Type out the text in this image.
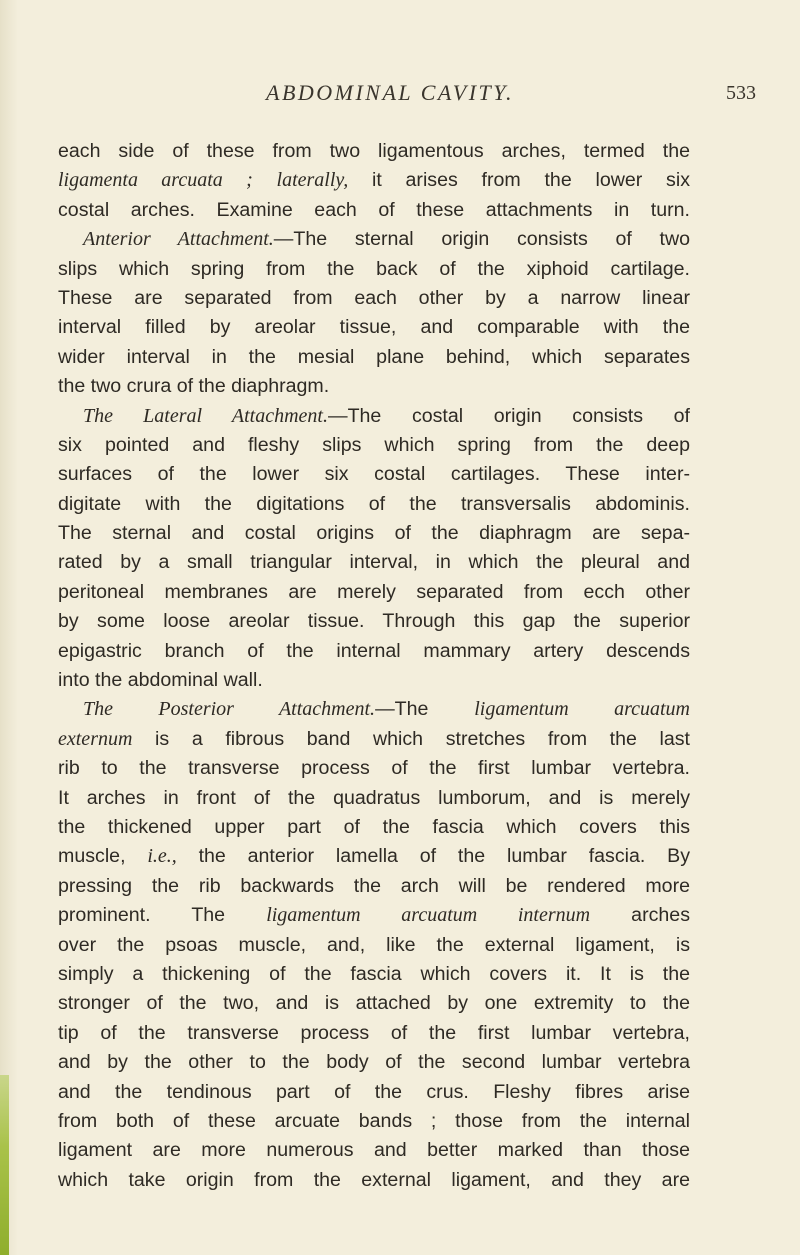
ABDOMINAL CAVITY.	533
each side of these from two ligamentous arches, termed the
ligamenta arcuata ; laterally, it arises from the lower six
costal arches. Examine each of these attachments in turn.
Anterior Attachment.—The sternal origin consists of two
slips which spring from the back of the xiphoid cartilage.
These are separated from each other by a narrow linear
interval filled by areolar tissue, and comparable with the
wider interval in the mesial plane behind, which separates
the two crura of the diaphragm.
The Lateral Attachment.—The costal origin consists of
six pointed and fleshy slips which spring from the deep
surfaces of the lower six costal cartilages. These inter-
digitate with the digitations of the transversalis abdominis.
The sternal and costal origins of the diaphragm are sepa-
rated by a small triangular interval, in which the pleural and
peritoneal membranes are merely separated from ecch other
by some loose areolar tissue. Through this gap the superior
epigastric branch of the internal mammary artery descends
into the abdominal wall.
The Posterior Attachment.—The ligamentum arcuatum
externum is a fibrous band which stretches from the last
rib to the transverse process of the first lumbar vertebra.
It arches in front of the quadratus lumborum, and is merely
the thickened upper part of the fascia which covers this
muscle, i.e., the anterior lamella of the lumbar fascia. By
pressing the rib backwards the arch will be rendered more
prominent. The ligamentum arcuatum internum arches
over the psoas muscle, and, like the external ligament, is
simply a thickening of the fascia which covers it. It is the
stronger of the two, and is attached by one extremity to the
tip of the transverse process of the first lumbar vertebra,
and by the other to the body of the second lumbar vertebra
and the tendinous part of the crus. Fleshy fibres arise
from both of these arcuate bands ; those from the internal
ligament are more numerous and better marked than those
which take origin from the external ligament, and they are
